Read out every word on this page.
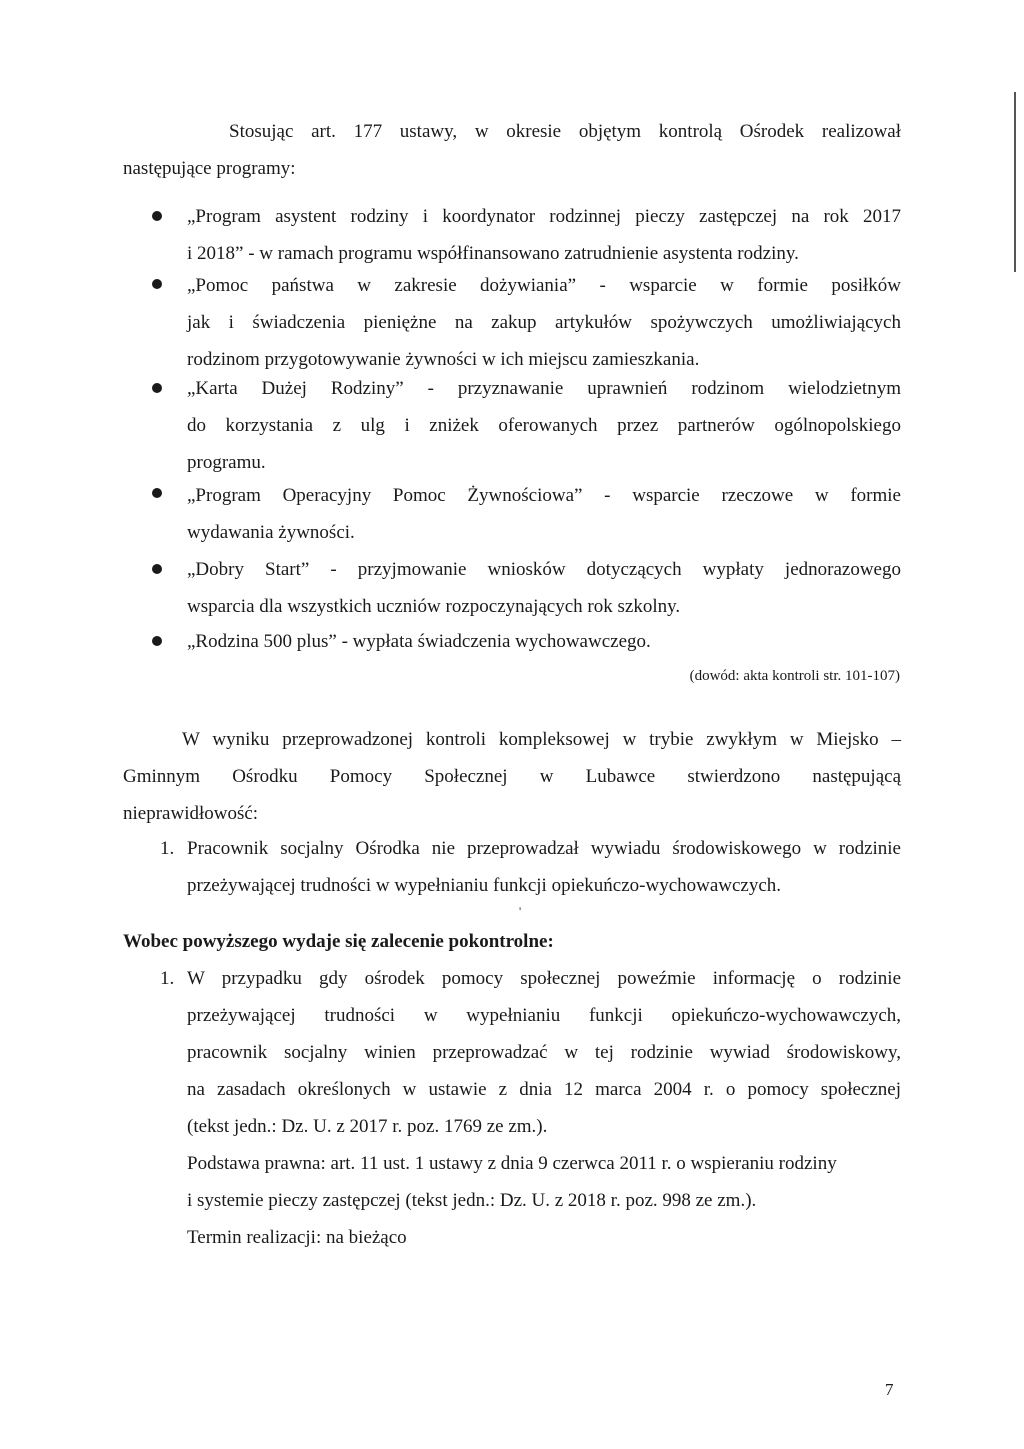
Stosując art. 177 ustawy, w okresie objętym kontrolą Ośrodek realizował
następujące programy:
„Program asystent rodziny i koordynator rodzinnej pieczy zastępczej na rok 2017
i 2018” - w ramach programu współfinansowano zatrudnienie asystenta rodziny.
„Pomoc państwa w zakresie dożywiania” - wsparcie w formie posiłków
jak i świadczenia pieniężne na zakup artykułów spożywczych umożliwiających
rodzinom przygotowywanie żywności w ich miejscu zamieszkania.
„Karta Dużej Rodziny” - przyznawanie uprawnień rodzinom wielodzietnym
do korzystania z ulg i zniżek oferowanych przez partnerów ogólnopolskiego
programu.
„Program Operacyjny Pomoc Żywnościowa” - wsparcie rzeczowe w formie
wydawania żywności.
„Dobry Start” - przyjmowanie wniosków dotyczących wypłaty jednorazowego
wsparcia dla wszystkich uczniów rozpoczynających rok szkolny.
„Rodzina 500 plus” - wypłata świadczenia wychowawczego.
(dowód: akta kontroli str. 101-107)
W wyniku przeprowadzonej kontroli kompleksowej w trybie zwykłym w Miejsko –
Gminnym Ośrodku Pomocy Społecznej w Lubawce stwierdzono następującą
nieprawidłowość:
1. Pracownik socjalny Ośrodka nie przeprowadzał wywiadu środowiskowego w rodzinie
przeżywającej trudności w wypełnianiu funkcji opiekuńczo-wychowawczych.
'
Wobec powyższego wydaje się zalecenie pokontrolne:
1. W przypadku gdy ośrodek pomocy społecznej poweźmie informację o rodzinie
przeżywającej trudności w wypełnianiu funkcji opiekuńczo-wychowawczych,
pracownik socjalny winien przeprowadzać w tej rodzinie wywiad środowiskowy,
na zasadach określonych w ustawie z dnia 12 marca 2004 r. o pomocy społecznej
(tekst jedn.: Dz. U. z 2017 r. poz. 1769 ze zm.).
Podstawa prawna: art. 11 ust. 1 ustawy z dnia 9 czerwca 2011 r. o wspieraniu rodziny
i systemie pieczy zastępczej (tekst jedn.: Dz. U. z 2018 r. poz. 998 ze zm.).
Termin realizacji: na bieżąco
7
